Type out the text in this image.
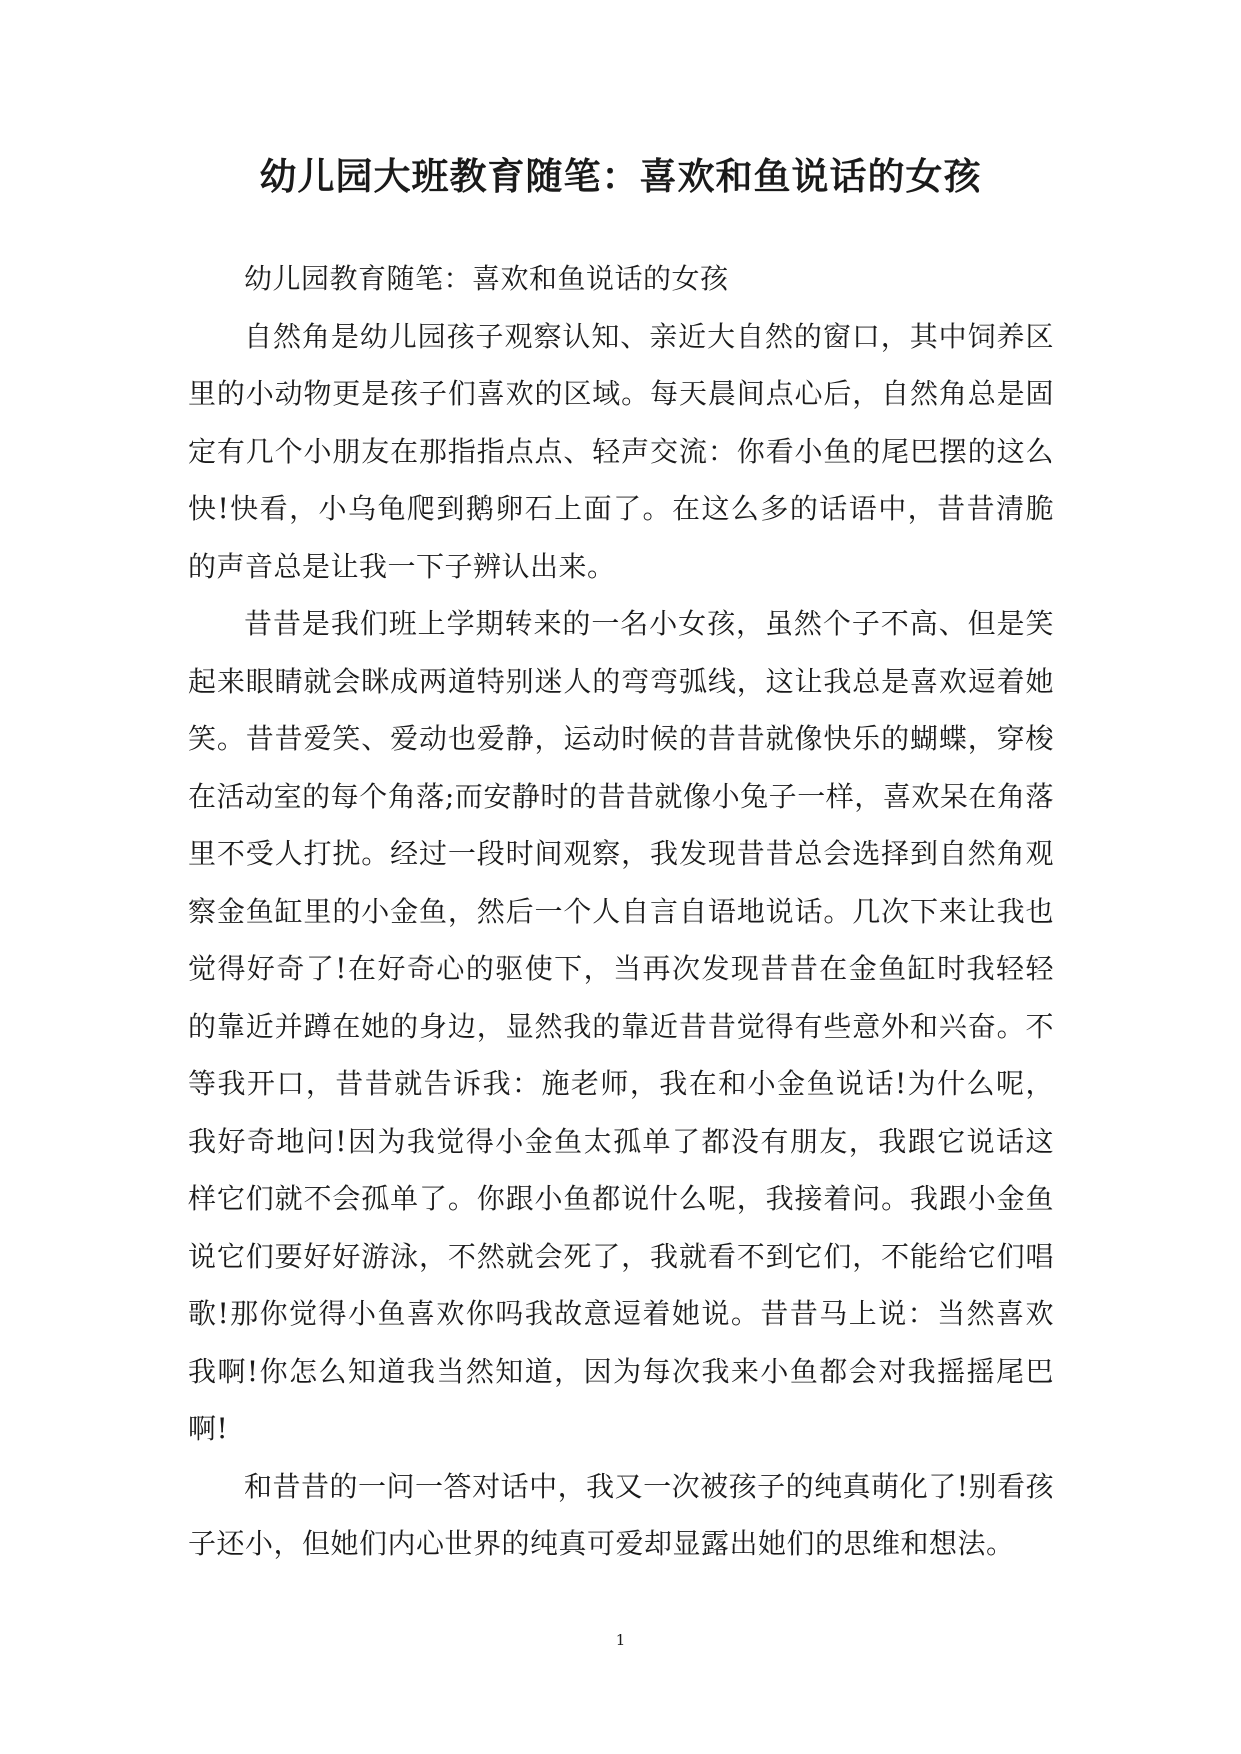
幼儿园大班教育随笔：喜欢和鱼说话的女孩

幼儿园教育随笔：喜欢和鱼说话的女孩

自然角是幼儿园孩子观察认知、亲近大自然的窗口，其中饲养区里的小动物更是孩子们喜欢的区域。每天晨间点心后，自然角总是固定有几个小朋友在那指指点点、轻声交流：你看小鱼的尾巴摆的这么快!快看，小乌龟爬到鹅卵石上面了。在这么多的话语中，昔昔清脆的声音总是让我一下子辨认出来。

昔昔是我们班上学期转来的一名小女孩，虽然个子不高、但是笑起来眼睛就会眯成两道特别迷人的弯弯弧线，这让我总是喜欢逗着她笑。昔昔爱笑、爱动也爱静，运动时候的昔昔就像快乐的蝴蝶，穿梭在活动室的每个角落;而安静时的昔昔就像小兔子一样，喜欢呆在角落里不受人打扰。经过一段时间观察，我发现昔昔总会选择到自然角观察金鱼缸里的小金鱼，然后一个人自言自语地说话。几次下来让我也觉得好奇了!在好奇心的驱使下，当再次发现昔昔在金鱼缸时我轻轻的靠近并蹲在她的身边，显然我的靠近昔昔觉得有些意外和兴奋。不等我开口，昔昔就告诉我：施老师，我在和小金鱼说话!为什么呢，我好奇地问!因为我觉得小金鱼太孤单了都没有朋友，我跟它说话这样它们就不会孤单了。你跟小鱼都说什么呢，我接着问。我跟小金鱼说它们要好好游泳，不然就会死了，我就看不到它们，不能给它们唱歌!那你觉得小鱼喜欢你吗我故意逗着她说。昔昔马上说：当然喜欢我啊!你怎么知道我当然知道，因为每次我来小鱼都会对我摇摇尾巴啊!

和昔昔的一问一答对话中，我又一次被孩子的纯真萌化了!别看孩子还小，但她们内心世界的纯真可爱却显露出她们的思维和想法。

1
